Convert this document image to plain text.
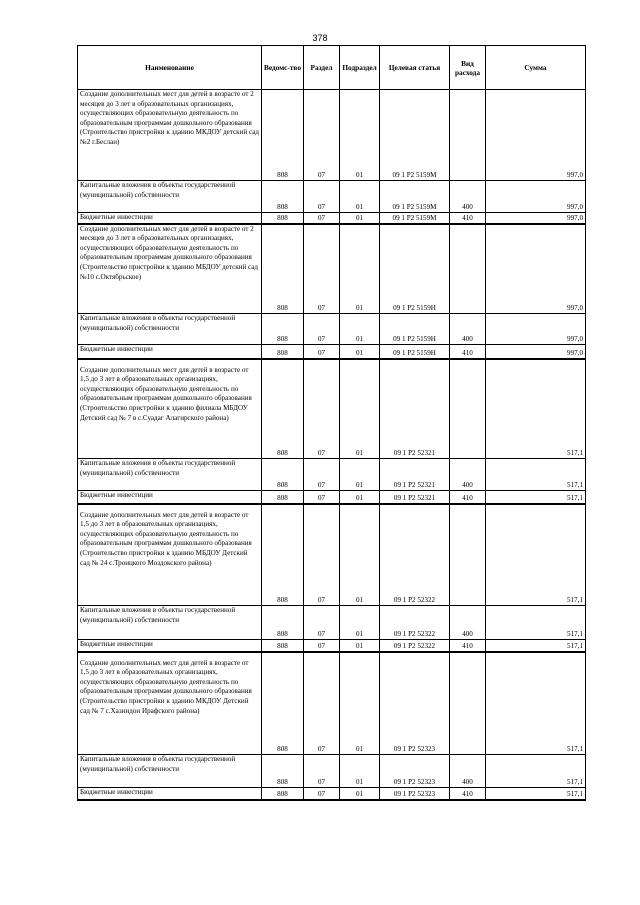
378
Наименование	Ведомс-тво	Раздел	Подраздел	Целевая статья	Вид расхода	Сумма
Создание дополнительных мест для детей в возрасте от 2 месяцев до 3 лет в образовательных организациях, осуществляющих образовательную деятельность по образовательным программам дошкольного образования (Строительство пристройки к зданию МКДОУ детский сад №2 г.Беслан)	808	07	01	09 1 P2 5159M		997,0
Капитальные вложения в объекты государственной (муниципальной) собственности	808	07	01	09 1 P2 5159M	400	997,0
Бюджетные инвестиции	808	07	01	09 1 P2 5159M	410	997,0
Создание дополнительных мест для детей в возрасте от 2 месяцев до 3 лет в образовательных организациях, осуществляющих образовательную деятельность по образовательным программам дошкольного образования (Строительство пристройки к зданию МБДОУ детский сад №10 с.Октябрьское)	808	07	01	09 1 P2 5159H		997,0
Капитальные вложения в объекты государственной (муниципальной) собственности	808	07	01	09 1 P2 5159H	400	997,0
Бюджетные инвестиции	808	07	01	09 1 P2 5159H	410	997,0
Создание дополнительных мест для детей в возрасте от 1,5 до 3 лет в образовательных организациях, осуществляющих образовательную деятельность по образовательным программам дошкольного образования (Строительство пристройки к зданию филиала МБДОУ Детский сад № 7 в с.Суадаг Алагирского района)	808	07	01	09 1 P2 52321		517,1
Капитальные вложения в объекты государственной (муниципальной) собственности	808	07	01	09 1 P2 52321	400	517,1
Бюджетные инвестиции	808	07	01	09 1 P2 52321	410	517,1
Создание дополнительных мест для детей в возрасте от 1,5 до 3 лет в образовательных организациях, осуществляющих образовательную деятельность по образовательным программам дошкольного образования (Строительство пристройки к зданию МБДОУ Детский сад № 24 с.Троицкого Моздокского района)	808	07	01	09 1 P2 52322		517,1
Капитальные вложения в объекты государственной (муниципальной) собственности	808	07	01	09 1 P2 52322	400	517,1
Бюджетные инвестиции	808	07	01	09 1 P2 52322	410	517,1
Создание дополнительных мест для детей в возрасте от 1,5 до 3 лет в образовательных организациях, осуществляющих образовательную деятельность по образовательным программам дошкольного образования (Строительство пристройки к зданию МКДОУ Детский сад № 7 с.Хазнидон Ирафского района)	808	07	01	09 1 P2 52323		517,1
Капитальные вложения в объекты государственной (муниципальной) собственности	808	07	01	09 1 P2 52323	400	517,1
Бюджетные инвестиции	808	07	01	09 1 P2 52323	410	517,1
